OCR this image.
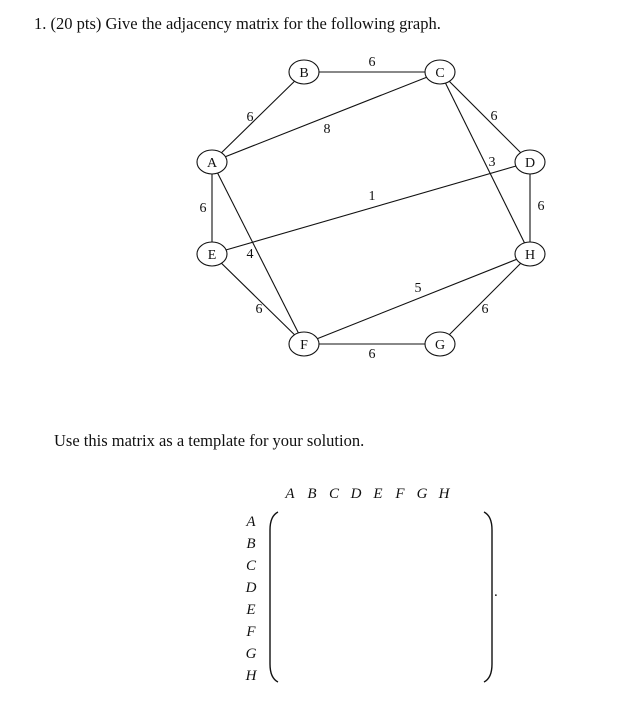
1. (20 pts) Give the adjacency matrix for the following graph.
6
6
8
6
3
6
6
1
4
6
5
6
6
A
B	C
D
E
F	G
H
Use this matrix as a template for your solution.
A B C D E F G H
A
B
C
D
E
F
G
H
.
